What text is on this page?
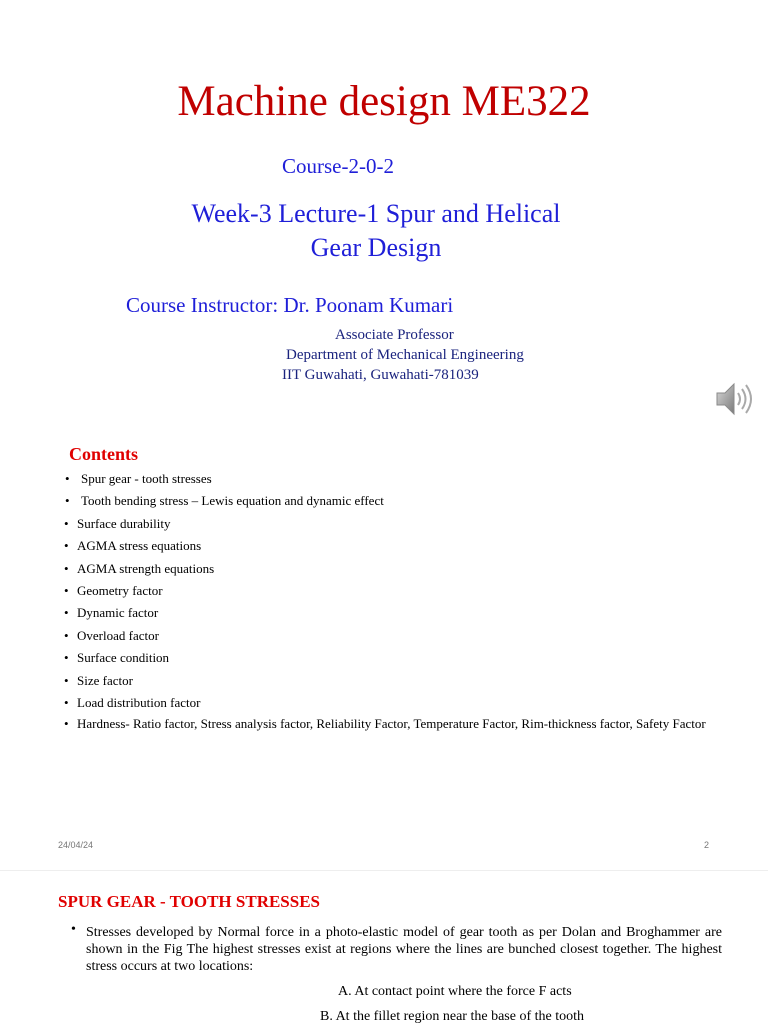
Machine design ME322
Course-2-0-2
Week-3 Lecture-1 Spur and Helical
Gear Design
Course Instructor: Dr. Poonam Kumari
Associate Professor
Department of Mechanical Engineering
IIT Guwahati, Guwahati-781039
Contents
• Spur gear - tooth stresses
• Tooth bending stress – Lewis equation and dynamic effect
• Surface durability
• AGMA stress equations
• AGMA strength equations
• Geometry factor
• Dynamic factor
• Overload factor
• Surface condition
• Size factor
• Load distribution factor
• Hardness- Ratio factor, Stress analysis factor, Reliability Factor, Temperature Factor, Rim-thickness factor, Safety Factor
24/04/24	2
SPUR GEAR - TOOTH STRESSES
• Stresses developed by Normal force in a photo-elastic model of gear tooth as per Dolan and Broghammer are shown in the Fig The highest stresses exist at regions where the lines are bunched closest together. The highest stress occurs at two locations:
A. At contact point where the force F acts
B. At the fillet region near the base of the tooth
